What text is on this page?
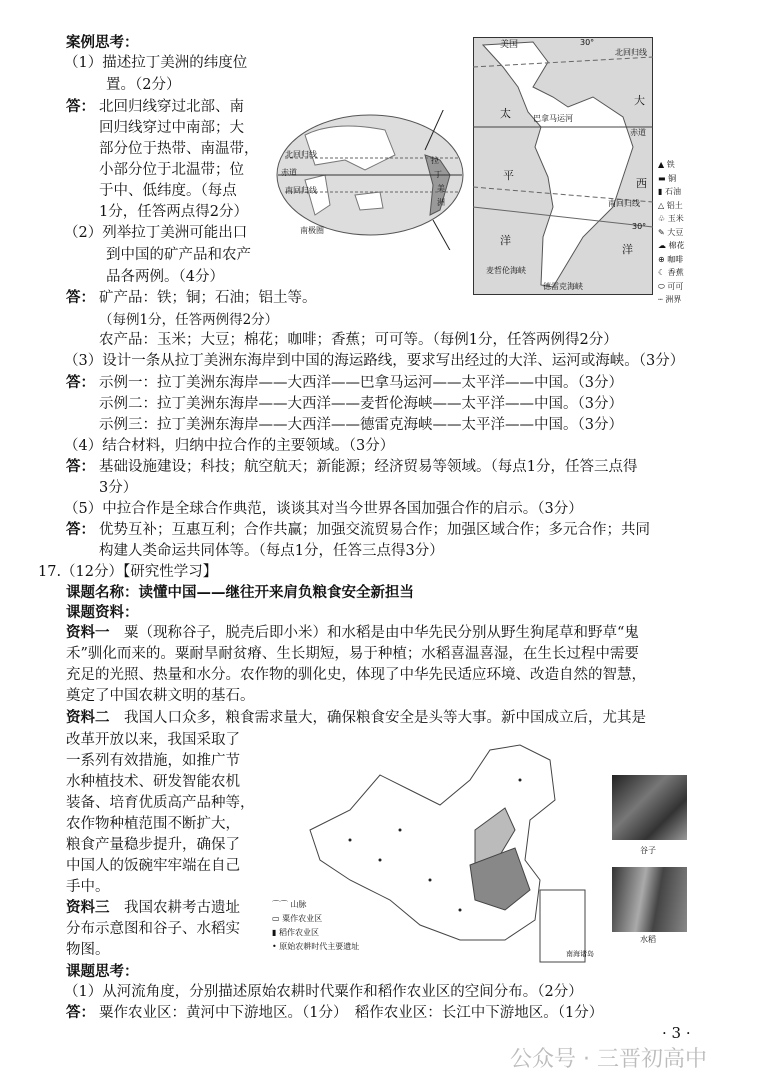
案例思考：
（1）描述拉丁美洲的纬度位
置。（2分）
答： 北回归线穿过北部、南
回归线穿过中南部；大
部分位于热带、南温带，
小部分位于北温带；位
于中、低纬度。（每点
1分，任答两点得2分）
（2）列举拉丁美洲可能出口
到中国的矿产品和农产
品各两例。（4分）
答： 矿产品：铁；铜；石油；铝土等。
（每例1分，任答两例得2分）
农产品：玉米；大豆；棉花；咖啡；香蕉；可可等。（每例1分，任答两例得2分）
（3）设计一条从拉丁美洲东海岸到中国的海运路线，要求写出经过的大洋、运河或海峡。（3分）
答： 示例一：拉丁美洲东海岸——大西洋——巴拿马运河——太平洋——中国。（3分）
示例二：拉丁美洲东海岸——大西洋——麦哲伦海峡——太平洋——中国。（3分）
示例三：拉丁美洲东海岸——大西洋——德雷克海峡——太平洋——中国。（3分）
（4）结合材料，归纳中拉合作的主要领域。（3分）
答： 基础设施建设；科技；航空航天；新能源；经济贸易等领域。（每点1分，任答三点得
3分）
（5）中拉合作是全球合作典范，谈谈其对当今世界各国加强合作的启示。（3分）
答： 优势互补；互惠互利；合作共赢；加强交流贸易合作；加强区域合作；多元合作；共同
构建人类命运共同体等。（每点1分，任答三点得3分）
北回归线
赤道
南回归线
南极圈
拉
丁
美
洲
美国	30°
北回归线
太
平
洋
大
西
洋
赤道
南回归线
30°
巴拿马运河
麦哲伦海峡
德雷克海峡
▲ 铁
▬ 铜
▮ 石油
△ 铝土
♧ 玉米
✎ 大豆
☁ 棉花
⊕ 咖啡
☾ 香蕉
⬭ 可可
┄ 洲界
17.（12分）【研究性学习】
课题名称：读懂中国——继往开来肩负粮食安全新担当
课题资料：
资料一　 粟（现称谷子，脱壳后即小米）和水稻是由中华先民分别从野生狗尾草和野草“鬼
禾”驯化而来的。粟耐旱耐贫瘠、生长期短，易于种植；水稻喜温喜湿，在生长过程中需要
充足的光照、热量和水分。农作物的驯化史，体现了中华先民适应环境、改造自然的智慧，
奠定了中国农耕文明的基石。
资料二　 我国人口众多，粮食需求量大，确保粮食安全是头等大事。新中国成立后，尤其是
改革开放以来，我国采取了
一系列有效措施，如推广节
水种植技术、研发智能农机
装备、培育优质高产品种等，
农作物种植范围不断扩大，
粮食产量稳步提升，确保了
中国人的饭碗牢牢端在自己
手中。
资料三　 我国农耕考古遗址
分布示意图和谷子、水稻实
物图。	南海诸岛
⌒⌒ 山脉
▭ 粟作农业区
▮ 稻作农业区
• 原始农耕时代主要遗址
谷子
水稻
课题思考：
（1）从河流角度，分别描述原始农耕时代粟作和稻作农业区的空间分布。（2分）
答： 粟作农业区：黄河中下游地区。（1分）　稻作农业区：长江中下游地区。（1分）
· 3 ·
公众号 · 三晋初高中
